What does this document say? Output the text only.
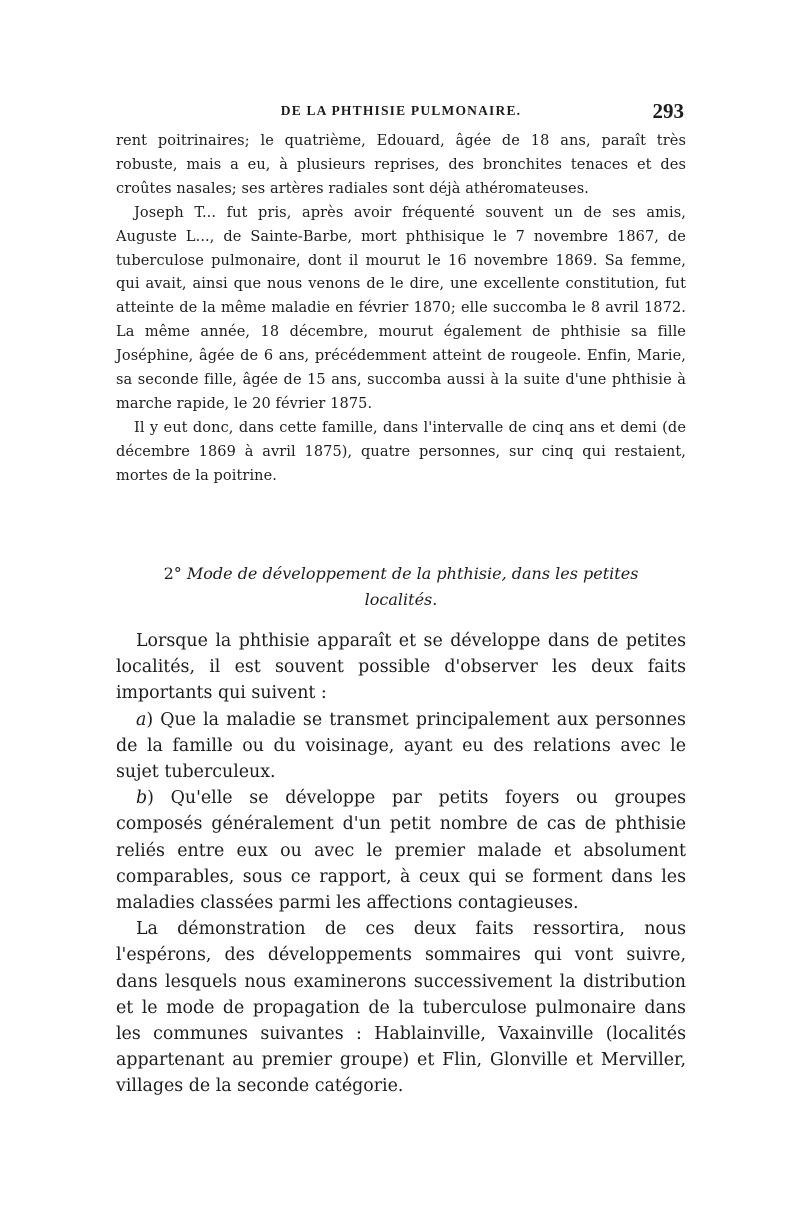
DE LA PHTHISIE PULMONAIRE.	293

rent poitrinaires; le quatrième, Edouard, âgée de 18 ans, paraît très robuste, mais a eu, à plusieurs reprises, des bronchites tenaces et des croûtes nasales; ses artères radiales sont déjà athéromateuses.

Joseph T... fut pris, après avoir fréquenté souvent un de ses amis, Auguste L..., de Sainte-Barbe, mort phthisique le 7 novembre 1867, de tuberculose pulmonaire, dont il mourut le 16 novembre 1869. Sa femme, qui avait, ainsi que nous venons de le dire, une excellente constitution, fut atteinte de la même maladie en février 1870; elle succomba le 8 avril 1872. La même année, 18 décembre, mourut également de phthisie sa fille Joséphine, âgée de 6 ans, précédemment atteint de rougeole. Enfin, Marie, sa seconde fille, âgée de 15 ans, succomba aussi à la suite d'une phthisie à marche rapide, le 20 février 1875.

Il y eut donc, dans cette famille, dans l'intervalle de cinq ans et demi (de décembre 1869 à avril 1875), quatre personnes, sur cinq qui restaient, mortes de la poitrine.

2° Mode de développement de la phthisie, dans les petites
localités.

Lorsque la phthisie apparaît et se développe dans de petites localités, il est souvent possible d'observer les deux faits importants qui suivent :

a) Que la maladie se transmet principalement aux personnes de la famille ou du voisinage, ayant eu des relations avec le sujet tuberculeux.

b) Qu'elle se développe par petits foyers ou groupes composés généralement d'un petit nombre de cas de phthisie reliés entre eux ou avec le premier malade et absolument comparables, sous ce rapport, à ceux qui se forment dans les maladies classées parmi les affections contagieuses.

La démonstration de ces deux faits ressortira, nous l'espérons, des développements sommaires qui vont suivre, dans lesquels nous examinerons successivement la distribution et le mode de propagation de la tuberculose pulmonaire dans les communes suivantes : Hablainville, Vaxainville (localités appartenant au premier groupe) et Flin, Glonville et Merviller, villages de la seconde catégorie.
